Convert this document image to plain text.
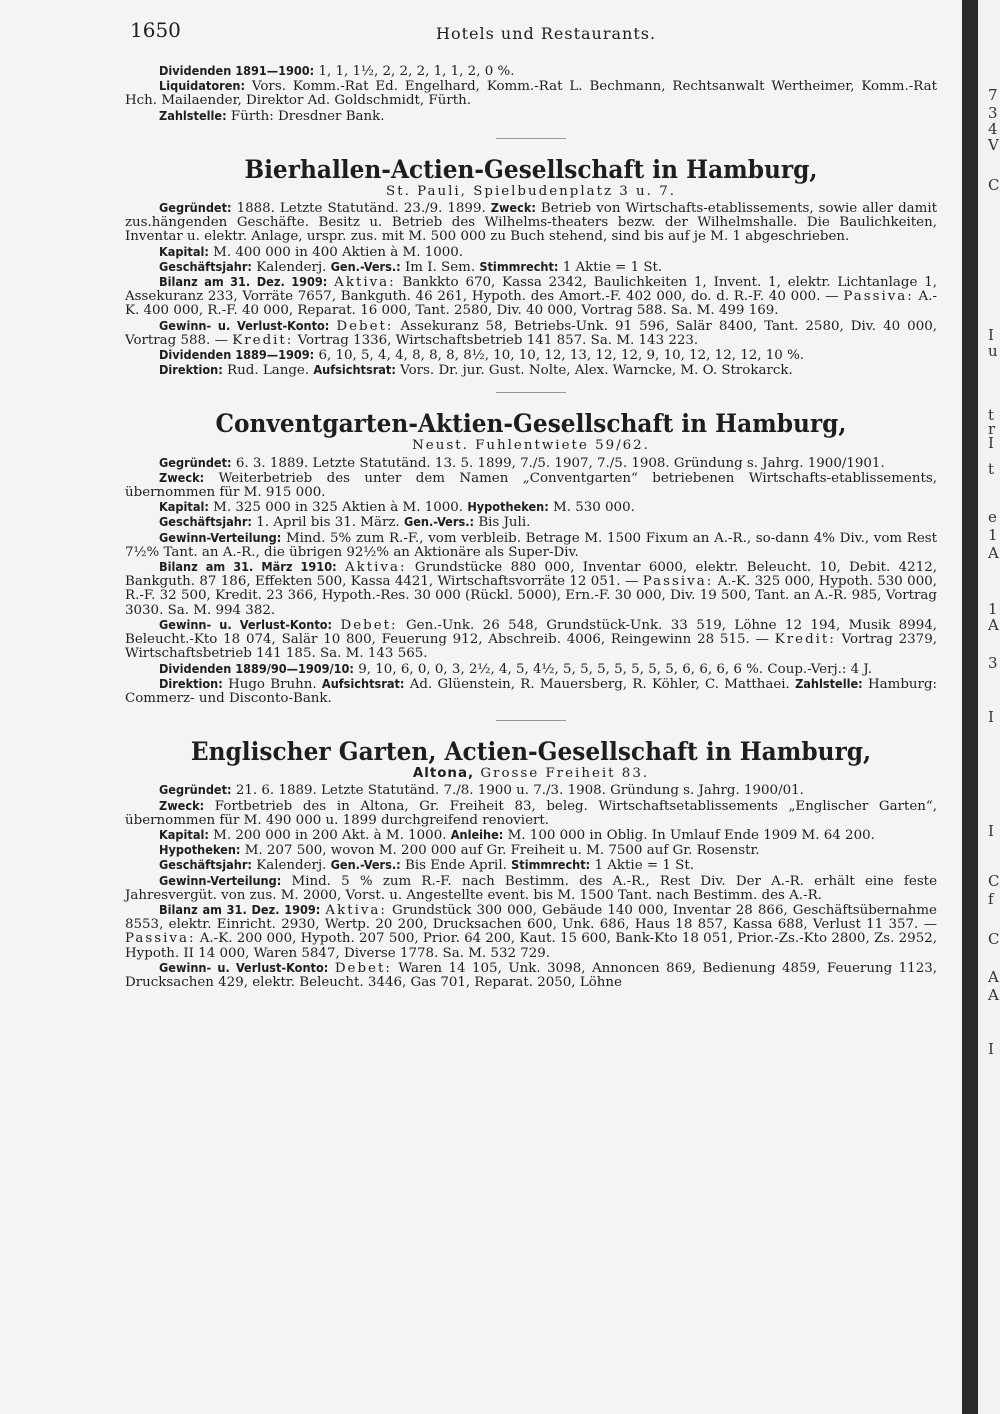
1650	Hotels und Restaurants.

Dividenden 1891—1900: 1, 1, 1½, 2, 2, 2, 1, 1, 2, 0 %.

Liquidatoren: Vors. Komm.-Rat Ed. Engelhard, Komm.-Rat L. Bechmann, Rechtsanwalt Wertheimer, Komm.-Rat Hch. Mailaender, Direktor Ad. Goldschmidt, Fürth.

Zahlstelle: Fürth: Dresdner Bank.

Bierhallen-Actien-Gesellschaft in Hamburg,
St. Pauli, Spielbudenplatz 3 u. 7.

Gegründet: 1888. Letzte Statutänd. 23./9. 1899. Zweck: Betrieb von Wirtschafts-etablissements, sowie aller damit zus.hängenden Geschäfte. Besitz u. Betrieb des Wilhelms-theaters bezw. der Wilhelmshalle. Die Baulichkeiten, Inventar u. elektr. Anlage, urspr. zus. mit M. 500 000 zu Buch stehend, sind bis auf je M. 1 abgeschrieben.

Kapital: M. 400 000 in 400 Aktien à M. 1000.

Geschäftsjahr: Kalenderj. Gen.-Vers.: Im I. Sem. Stimmrecht: 1 Aktie = 1 St.

Bilanz am 31. Dez. 1909: Aktiva: Bankkto 670, Kassa 2342, Baulichkeiten 1, Invent. 1, elektr. Lichtanlage 1, Assekuranz 233, Vorräte 7657, Bankguth. 46 261, Hypoth. des Amort.-F. 402 000, do. d. R.-F. 40 000. — Passiva: A.-K. 400 000, R.-F. 40 000, Reparat. 16 000, Tant. 2580, Div. 40 000, Vortrag 588. Sa. M. 499 169.

Gewinn- u. Verlust-Konto: Debet: Assekuranz 58, Betriebs-Unk. 91 596, Salär 8400, Tant. 2580, Div. 40 000, Vortrag 588. — Kredit: Vortrag 1336, Wirtschaftsbetrieb 141 857. Sa. M. 143 223.

Dividenden 1889—1909: 6, 10, 5, 4, 4, 8, 8, 8, 8½, 10, 10, 12, 13, 12, 12, 9, 10, 12, 12, 12, 10 %.

Direktion: Rud. Lange. Aufsichtsrat: Vors. Dr. jur. Gust. Nolte, Alex. Warncke, M. O. Strokarck.

Conventgarten-Aktien-Gesellschaft in Hamburg,
Neust. Fuhlentwiete 59/62.

Gegründet: 6. 3. 1889. Letzte Statutänd. 13. 5. 1899, 7./5. 1907, 7./5. 1908. Gründung s. Jahrg. 1900/1901.

Zweck: Weiterbetrieb des unter dem Namen „Conventgarten“ betriebenen Wirtschafts-etablissements, übernommen für M. 915 000.

Kapital: M. 325 000 in 325 Aktien à M. 1000. Hypotheken: M. 530 000.

Geschäftsjahr: 1. April bis 31. März. Gen.-Vers.: Bis Juli.

Gewinn-Verteilung: Mind. 5% zum R.-F., vom verbleib. Betrage M. 1500 Fixum an A.-R., so-dann 4% Div., vom Rest 7½% Tant. an A.-R., die übrigen 92½% an Aktionäre als Super-Div.

Bilanz am 31. März 1910: Aktiva: Grundstücke 880 000, Inventar 6000, elektr. Beleucht. 10, Debit. 4212, Bankguth. 87 186, Effekten 500, Kassa 4421, Wirtschaftsvorräte 12 051. — Passiva: A.-K. 325 000, Hypoth. 530 000, R.-F. 32 500, Kredit. 23 366, Hypoth.-Res. 30 000 (Rückl. 5000), Ern.-F. 30 000, Div. 19 500, Tant. an A.-R. 985, Vortrag 3030. Sa. M. 994 382.

Gewinn- u. Verlust-Konto: Debet: Gen.-Unk. 26 548, Grundstück-Unk. 33 519, Löhne 12 194, Musik 8994, Beleucht.-Kto 18 074, Salär 10 800, Feuerung 912, Abschreib. 4006, Reingewinn 28 515. — Kredit: Vortrag 2379, Wirtschaftsbetrieb 141 185. Sa. M. 143 565.

Dividenden 1889/90—1909/10: 9, 10, 6, 0, 0, 3, 2½, 4, 5, 4½, 5, 5, 5, 5, 5, 5, 5, 6, 6, 6, 6 %. Coup.-Verj.: 4 J.

Direktion: Hugo Bruhn. Aufsichtsrat: Ad. Glüenstein, R. Mauersberg, R. Köhler, C. Matthaei. Zahlstelle: Hamburg: Commerz- und Disconto-Bank.

Englischer Garten, Actien-Gesellschaft in Hamburg,
Altona, Grosse Freiheit 83.

Gegründet: 21. 6. 1889. Letzte Statutänd. 7./8. 1900 u. 7./3. 1908. Gründung s. Jahrg. 1900/01.

Zweck: Fortbetrieb des in Altona, Gr. Freiheit 83, beleg. Wirtschaftsetablissements „Englischer Garten“, übernommen für M. 490 000 u. 1899 durchgreifend renoviert.

Kapital: M. 200 000 in 200 Akt. à M. 1000. Anleihe: M. 100 000 in Oblig. In Umlauf Ende 1909 M. 64 200.

Hypotheken: M. 207 500, wovon M. 200 000 auf Gr. Freiheit u. M. 7500 auf Gr. Rosenstr.

Geschäftsjahr: Kalenderj. Gen.-Vers.: Bis Ende April. Stimmrecht: 1 Aktie = 1 St.

Gewinn-Verteilung: Mind. 5 % zum R.-F. nach Bestimm. des A.-R., Rest Div. Der A.-R. erhält eine feste Jahresvergüt. von zus. M. 2000, Vorst. u. Angestellte event. bis M. 1500 Tant. nach Bestimm. des A.-R.

Bilanz am 31. Dez. 1909: Aktiva: Grundstück 300 000, Gebäude 140 000, Inventar 28 866, Geschäftsübernahme 8553, elektr. Einricht. 2930, Wertp. 20 200, Drucksachen 600, Unk. 686, Haus 18 857, Kassa 688, Verlust 11 357. — Passiva: A.-K. 200 000, Hypoth. 207 500, Prior. 64 200, Kaut. 15 600, Bank-Kto 18 051, Prior.-Zs.-Kto 2800, Zs. 2952, Hypoth. II 14 000, Waren 5847, Diverse 1778. Sa. M. 532 729.

Gewinn- u. Verlust-Konto: Debet: Waren 14 105, Unk. 3098, Annoncen 869, Bedienung 4859, Feuerung 1123, Drucksachen 429, elektr. Beleucht. 3446, Gas 701, Reparat. 2050, Löhne

7
3
4
V
C
I
u
t
r
I
t
e
1
A
1
A
3
I
I
C
f
C
A
A
I
